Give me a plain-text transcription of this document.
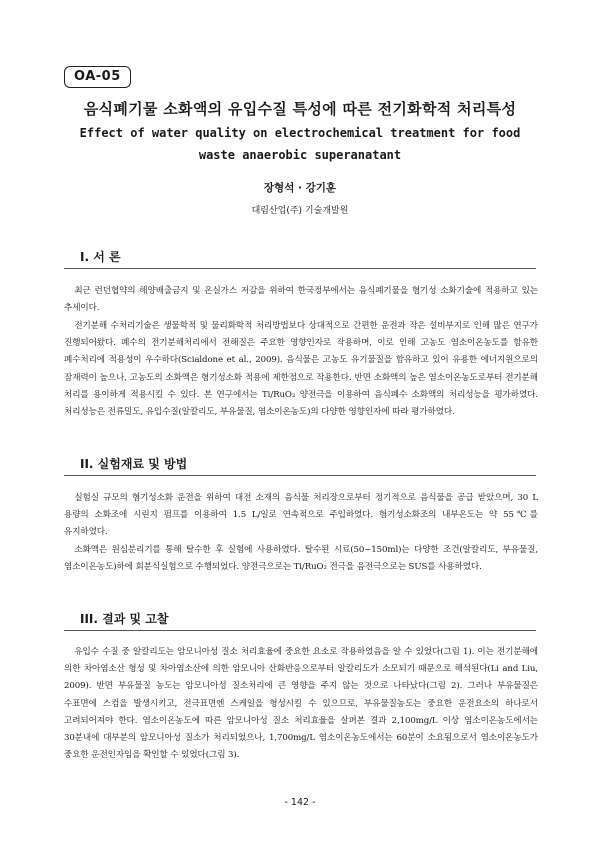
OA-05
음식폐기물 소화액의 유입수질 특성에 따른 전기화학적 처리특성
Effect of water quality on electrochemical treatment for food waste anaerobic superanatant
장형석 · 강기훈
대림산업(주) 기술개발원
I. 서 론

최근 런던협약의 해양배출금지 및 온실가스 저감을 위하여 한국정부에서는 음식폐기물을 혐기성 소화기술에 적용하고 있는 추세이다.

전기분해 수처리기술은 생물학적 및 물리화학적 처리방법보다 상대적으로 간편한 운전과 작은 설비부지로 인해 많은 연구가 진행되어왔다. 폐수의 전기분해처리에서 전해질은 주요한 영향인자로 작용하며, 이로 인해 고농도 염소이온농도를 함유한 폐수처리에 적용성이 우수하다(Scialdone et al., 2009). 음식물은 고농도 유기물질을 함유하고 있어 유용한 에너지원으로의 잠재력이 높으나, 고농도의 소화액은 혐기성소화 적용에 제한점으로 작용한다. 반면 소화액의 높은 염소이온농도로부터 전기분해 처리를 용이하게 적용시킬 수 있다. 본 연구에서는 Ti/RuO₂ 양전극을 이용하여 음식폐수 소화액의 처리성능을 평가하였다. 처리성능은 전류밀도, 유입수질(알칼리도, 부유물질, 염소이온농도)의 다양한 영향인자에 따라 평가하였다.

II. 실험재료 및 방법

실험실 규모의 혐기성소화 운전을 위하여 대전 소재의 음식물 처리장으로부터 정기적으로 음식물을 공급 받았으며, 30 L 용량의 소화조에 시린지 펌프를 이용하여 1.5 L/일로 연속적으로 주입하였다. 혐기성소화조의 내부온도는 약 55℃를 유지하였다.

소화액은 원심분리기를 통해 탈수한 후 실험에 사용하였다. 탈수된 시료(50~150ml)는 다양한 조건(알칼리도, 부유물질, 염소이온농도)하에 회분식실험으로 수행되었다. 양전극으로는 Ti/RuO₂ 전극을 음전극으로는 SUS를 사용하였다.

III. 결과 및 고찰

유입수 수질 중 알칼리도는 암모니아성 질소 처리효율에 중요한 요소로 작용하였음을 알 수 있었다(그림 1). 이는 전기분해에 의한 차아염소산 형성 및 차아염소산에 의한 암모니아 산화반응으로부터 알칼리도가 소모되기 때문으로 해석된다(Li and Liu, 2009). 반면 부유물질 농도는 암모니아성 질소처리에 큰 영향을 주지 않는 것으로 나타났다(그림 2). 그러나 부유물질은 수표면에 스컴을 발생시키고, 전극표면엔 스케일을 형성시킬 수 있으므로, 부유물질농도는 중요한 운전요소의 하나로서 고려되어져야 한다. 염소이온농도에 따른 암모니아성 질소 처리효율을 살펴본 결과 2,100mg/L 이상 염소이온농도에서는 30분내에 대부분의 암모니아성 질소가 처리되었으나, 1,700mg/L 염소이온농도에서는 60분이 소요됨으로서 염소이온농도가 중요한 운전인자임을 확인할 수 있었다(그림 3).

- 142 -
